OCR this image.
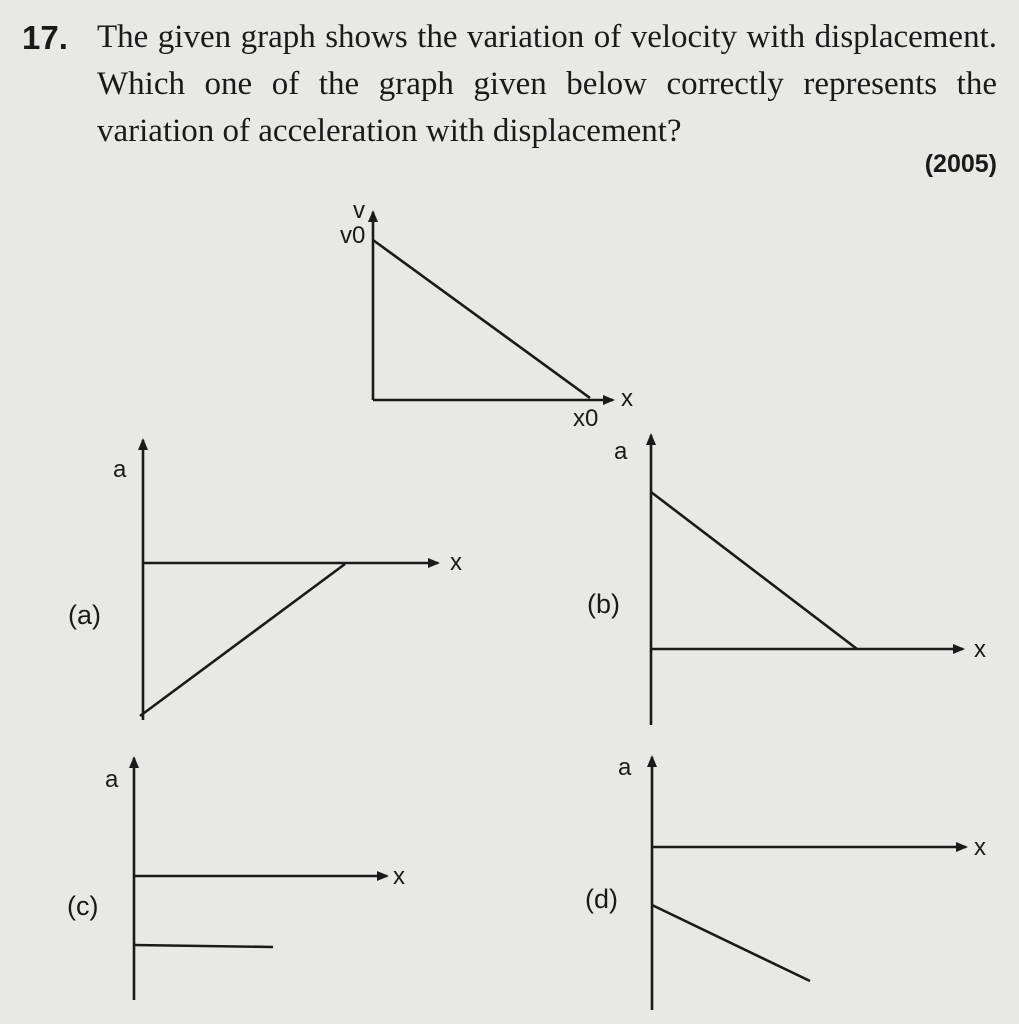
17. The given graph shows the variation of velocity with displacement. Which one of the graph given below correctly represents the variation of acceleration with displacement?
(2005)
v
v0
x
x0
a
x
(a)
a
x
(b)
a
x
(c)
a
x
(d)
